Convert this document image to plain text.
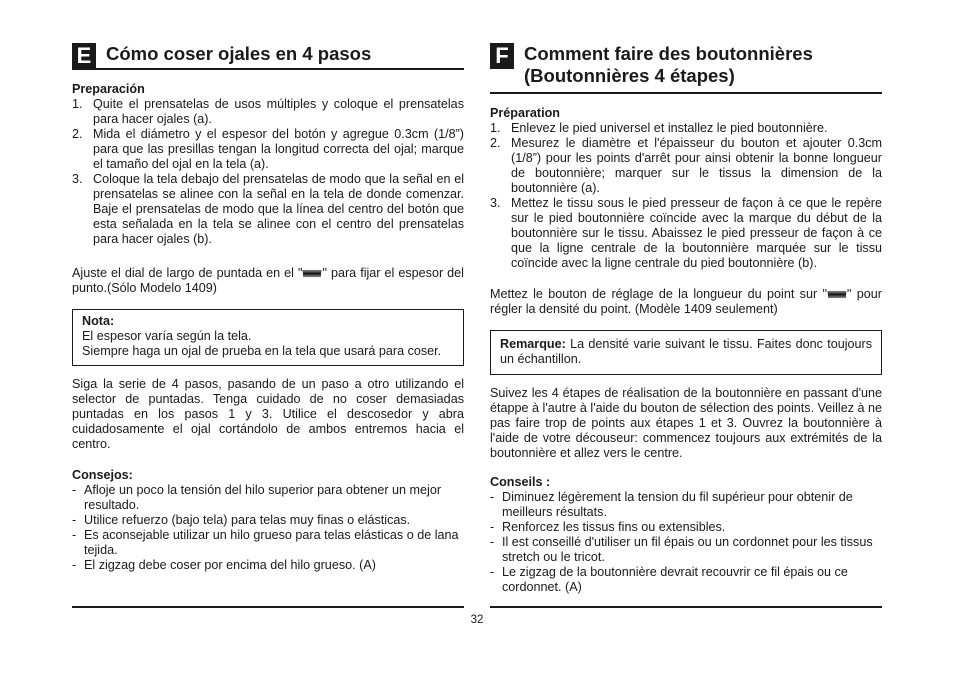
E Cómo coser ojales en 4 pasos
Preparación
1. Quite el prensatelas de usos múltiples y coloque el prensatelas para hacer ojales (a).
2. Mida el diámetro y el espesor del botón y agregue 0.3cm (1/8”) para que las presillas tengan la longitud correcta del ojal; marque el tamaño del ojal en la tela (a).
3. Coloque la tela debajo del prensatelas de modo que la señal en el prensatelas se alinee con la señal en la tela de donde comenzar. Baje el prensatelas de modo que la línea del centro del botón que esta señalada en la tela se alinee con el centro del prensatelas para hacer ojales (b).
Ajuste el dial de largo de puntada en el " " para fijar el espesor del punto.(Sólo Modelo 1409)
Nota:
El espesor varía según la tela.
Siempre haga un ojal de prueba en la tela que usará para coser.
Siga la serie de 4 pasos, pasando de un paso a otro utilizando el selector de puntadas. Tenga cuidado de no coser demasiadas puntadas en los pasos 1 y 3. Utilice el descosedor y abra cuidadosamente el ojal cortándolo de ambos entremos hacia el centro.
Consejos:
- Afloje un poco la tensión del hilo superior para obtener un mejor resultado.
- Utilice refuerzo (bajo tela) para telas muy finas o elásticas.
- Es aconsejable utilizar un hilo grueso para telas elásticas o de lana tejida.
- El zigzag debe coser por encima del hilo grueso. (A)
F Comment faire des boutonnières
(Boutonnières 4 étapes)
Préparation
1. Enlevez le pied universel et installez le pied boutonnière.
2. Mesurez le diamètre et l'épaisseur du bouton et ajouter 0.3cm (1/8”) pour les points d'arrêt pour ainsi obtenir la bonne longueur de boutonnière; marquer sur le tissus la dimension de la boutonnière (a).
3. Mettez le tissu sous le pied presseur de façon à ce que le repère sur le pied boutonnière coïncide avec la marque du début de la boutonnière sur le tissu. Abaissez le pied presseur de façon à ce que la ligne centrale de la boutonnière marquée sur le tissu coïncide avec la ligne centrale du pied boutonnière (b).
Mettez le bouton de réglage de la longueur du point sur " " pour régler la densité du point. (Modèle 1409 seulement)
Remarque: La densité varie suivant le tissu. Faites donc toujours un échantillon.
Suivez les 4 étapes de réalisation de la boutonnière en passant d'une étappe à l'autre à l'aide du bouton de sélection des points. Veillez à ne pas faire trop de points aux étapes 1 et 3. Ouvrez la boutonnière à l'aide de votre découseur: commencez toujours aux extrémités de la boutonnière et allez vers le centre.
Conseils :
- Diminuez légèrement la tension du fil supérieur pour obtenir de meilleurs résultats.
- Renforcez les tissus fins ou extensibles.
- Il est conseillé d'utiliser un fil épais ou un cordonnet pour les tissus stretch ou le tricot.
- Le zigzag de la boutonnière devrait recouvrir ce fil épais ou ce cordonnet. (A)
32
